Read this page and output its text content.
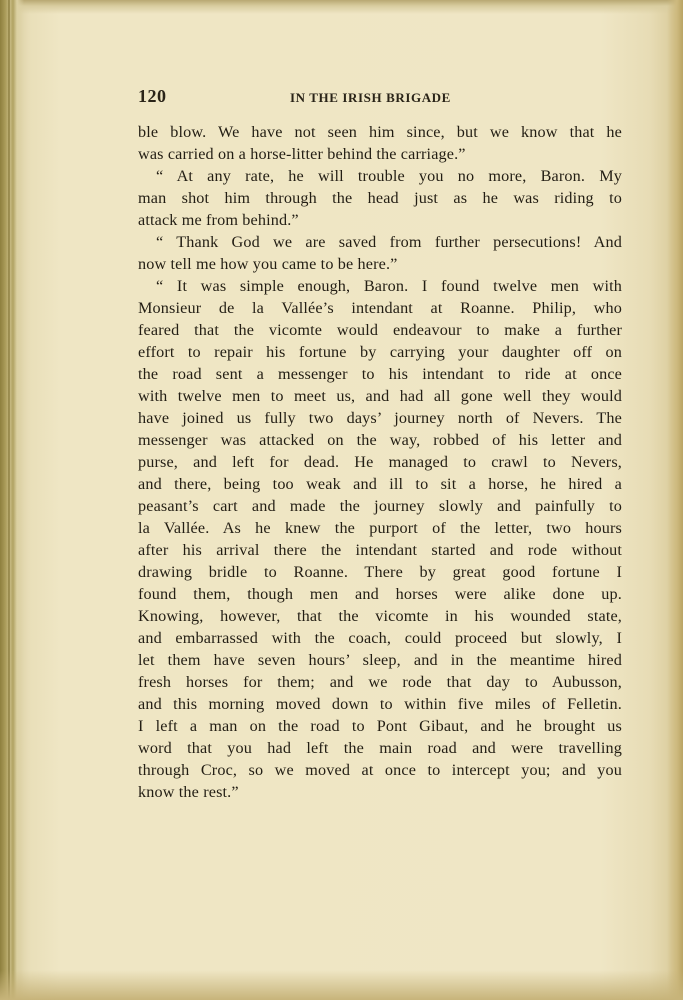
120	IN THE IRISH BRIGADE
ble blow. We have not seen him since, but we know that he
was carried on a horse-litter behind the carriage.”
“ At any rate, he will trouble you no more, Baron. My
man shot him through the head just as he was riding to
attack me from behind.”
“ Thank God we are saved from further persecutions! And
now tell me how you came to be here.”
“ It was simple enough, Baron. I found twelve men with
Monsieur de la Vallée’s intendant at Roanne. Philip, who
feared that the vicomte would endeavour to make a further
effort to repair his fortune by carrying your daughter off on
the road sent a messenger to his intendant to ride at once
with twelve men to meet us, and had all gone well they would
have joined us fully two days’ journey north of Nevers. The
messenger was attacked on the way, robbed of his letter and
purse, and left for dead. He managed to crawl to Nevers,
and there, being too weak and ill to sit a horse, he hired a
peasant’s cart and made the journey slowly and painfully to
la Vallée. As he knew the purport of the letter, two hours
after his arrival there the intendant started and rode without
drawing bridle to Roanne. There by great good fortune I
found them, though men and horses were alike done up.
Knowing, however, that the vicomte in his wounded state,
and embarrassed with the coach, could proceed but slowly, I
let them have seven hours’ sleep, and in the meantime hired
fresh horses for them; and we rode that day to Aubusson,
and this morning moved down to within five miles of Felletin.
I left a man on the road to Pont Gibaut, and he brought us
word that you had left the main road and were travelling
through Croc, so we moved at once to intercept you; and you
know the rest.”
